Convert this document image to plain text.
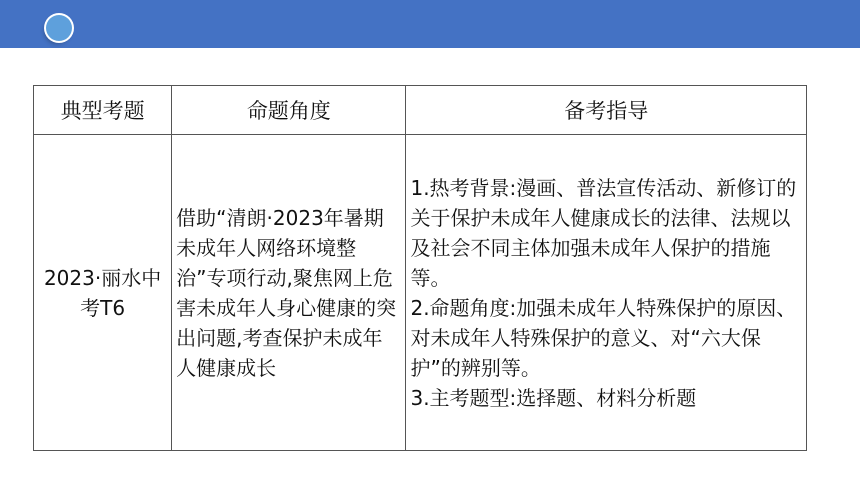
典型考题	命题角度	备考指导

2023·丽水中考T6	借助“清朗·2023年暑期未成年人网络环境整治”专项行动,聚焦网上危害未成年人身心健康的突出问题,考查保护未成年人健康成长	1.热考背景:漫画、普法宣传活动、新修订的关于保护未成年人健康成长的法律、法规以及社会不同主体加强未成年人保护的措施等。
2.命题角度:加强未成年人特殊保护的原因、对未成年人特殊保护的意义、对“六大保护”的辨别等。
3.主考题型:选择题、材料分析题
